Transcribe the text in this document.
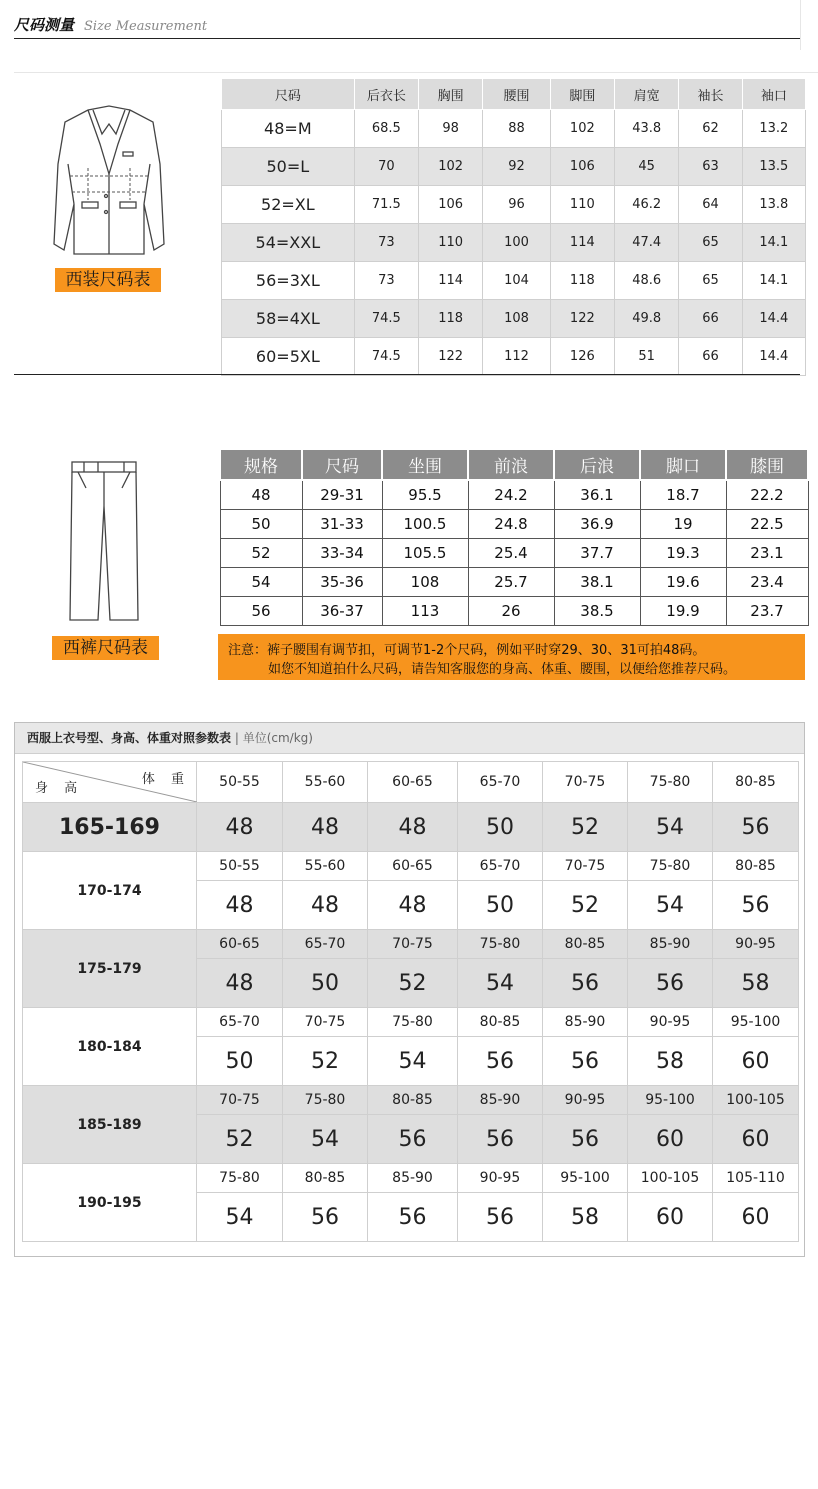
尺码测量 Size Measurement
西装尺码表
尺码	后衣长	胸围	腰围	脚围	肩宽	袖长	袖口
48=M	68.5	98	88	102	43.8	62	13.2
50=L	70	102	92	106	45	63	13.5
52=XL	71.5	106	96	110	46.2	64	13.8
54=XXL	73	110	100	114	47.4	65	14.1
56=3XL	73	114	104	118	48.6	65	14.1
58=4XL	74.5	118	108	122	49.8	66	14.4
60=5XL	74.5	122	112	126	51	66	14.4
西裤尺码表
规格	尺码	坐围	前浪	后浪	脚口	膝围
48	29-31	95.5	24.2	36.1	18.7	22.2
50	31-33	100.5	24.8	36.9	19	22.5
52	33-34	105.5	25.4	37.7	19.3	23.1
54	35-36	108	25.7	38.1	19.6	23.4
56	36-37	113	26	38.5	19.9	23.7
注意：裤子腰围有调节扣，可调节1-2个尺码，例如平时穿29、30、31可拍48码。
如您不知道拍什么尺码，请告知客服您的身高、体重、腰围，以便给您推荐尺码。
西服上衣号型、身高、体重对照参数表 | 单位(cm/kg)
体 重
身 高	50-55	55-60	60-65	65-70	70-75	75-80	80-85
165-169	48	48	48	50	52	54	56
170-174	50-55	55-60	60-65	65-70	70-75	75-80	80-85
	48	48	48	50	52	54	56
175-179	60-65	65-70	70-75	75-80	80-85	85-90	90-95
	48	50	52	54	56	56	58
180-184	65-70	70-75	75-80	80-85	85-90	90-95	95-100
	50	52	54	56	56	58	60
185-189	70-75	75-80	80-85	85-90	90-95	95-100	100-105
	52	54	56	56	56	60	60
190-195	75-80	80-85	85-90	90-95	95-100	100-105	105-110
	54	56	56	56	58	60	60
